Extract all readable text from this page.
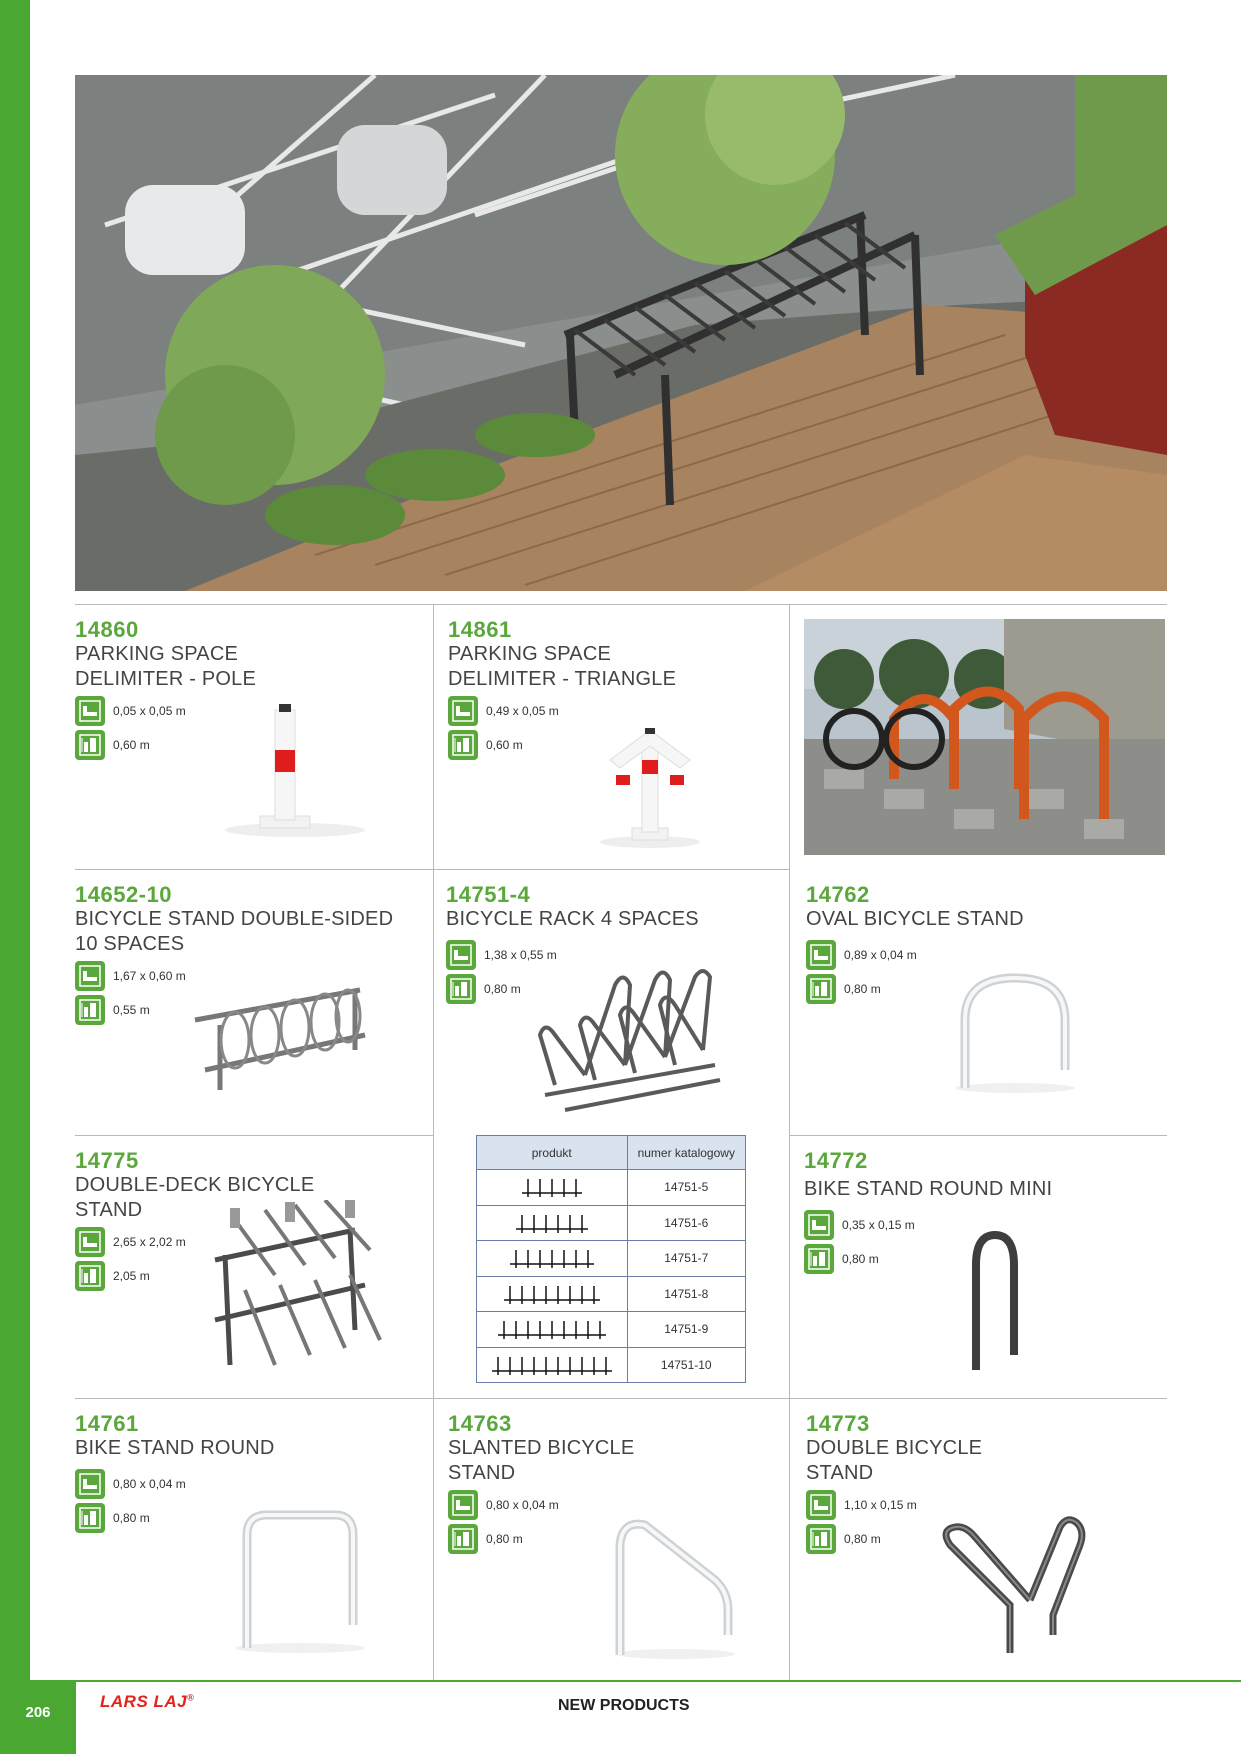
14860
PARKING SPACE
DELIMITER - POLE
0,05 x 0,05 m
0,60 m
14861
PARKING SPACE
DELIMITER - TRIANGLE
0,49 x 0,05 m
0,60 m
14652-10
BICYCLE STAND DOUBLE-SIDED
10 SPACES
1,67 x 0,60 m
0,55 m
14751-4
BICYCLE RACK 4 SPACES
1,38 x 0,55 m
0,80 m
14762
OVAL BICYCLE STAND
0,89 x 0,04 m
0,80 m
produkt	numer katalogowy

	14751-5

	14751-6

	14751-7

	14751-8

	14751-9

	14751-10
14775
DOUBLE-DECK BICYCLE
STAND
2,65 x 2,02 m
2,05 m
14772
BIKE STAND ROUND MINI
0,35 x 0,15 m
0,80 m
14761
BIKE STAND ROUND
0,80 x 0,04 m
0,80 m
14763
SLANTED BICYCLE
STAND
0,80 x 0,04 m
0,80 m
14773
DOUBLE BICYCLE
STAND
1,10 x 0,15 m
0,80 m
206
LARS LAJ®	NEW PRODUCTS
